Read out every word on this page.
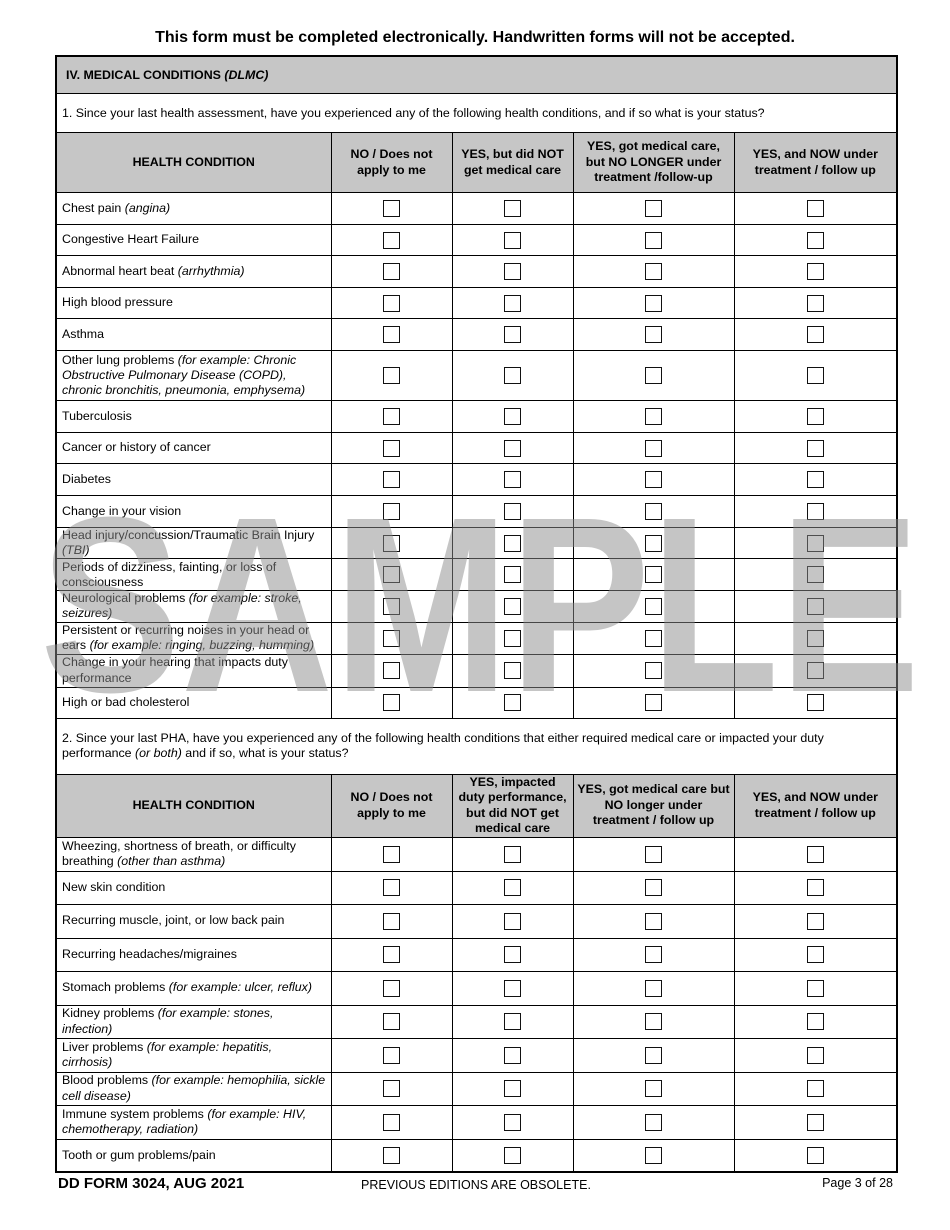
This form must be completed electronically. Handwritten forms will not be accepted.
IV. MEDICAL CONDITIONS (DLMC)				
1. Since your last health assessment, have you experienced any of the following health conditions, and if so what is your status?				
HEALTH CONDITION	NO / Does not apply to me	YES, but did NOT get medical care	YES, got medical care, but NO LONGER under treatment /follow-up	YES, and NOW under treatment / follow up
Chest pain (angina)				
Congestive Heart Failure				
Abnormal heart beat (arrhythmia)				
High blood pressure				
Asthma				
Other lung problems (for example: Chronic Obstructive Pulmonary Disease (COPD), chronic bronchitis, pneumonia, emphysema)				
Tuberculosis				
Cancer or history of cancer				
Diabetes				
Change in your vision				
Head injury/concussion/Traumatic Brain Injury (TBI)				
Periods of dizziness, fainting, or loss of consciousness				
Neurological problems (for example: stroke, seizures)				
Persistent or recurring noises in your head or ears (for example: ringing, buzzing, humming)				
Change in your hearing that impacts duty performance				
High or bad cholesterol				
2. Since your last PHA, have you experienced any of the following health conditions that either required medical care or impacted your duty performance (or both) and if so, what is your status?				
HEALTH CONDITION	NO / Does not apply to me	YES, impacted duty performance, but did NOT get medical care	YES, got medical care but NO longer under treatment / follow up	YES, and NOW under treatment / follow up
Wheezing, shortness of breath, or difficulty breathing (other than asthma)				
New skin condition				
Recurring muscle, joint, or low back pain				
Recurring headaches/migraines				
Stomach problems (for example: ulcer, reflux)				
Kidney problems (for example: stones, infection)				
Liver problems (for example: hepatitis, cirrhosis)				
Blood problems (for example: hemophilia, sickle cell disease)				
Immune system problems (for example: HIV, chemotherapy, radiation)				
Tooth or gum problems/pain				
SAMPLE
DD FORM 3024, AUG 2021	PREVIOUS EDITIONS ARE OBSOLETE.	Page 3 of 28
